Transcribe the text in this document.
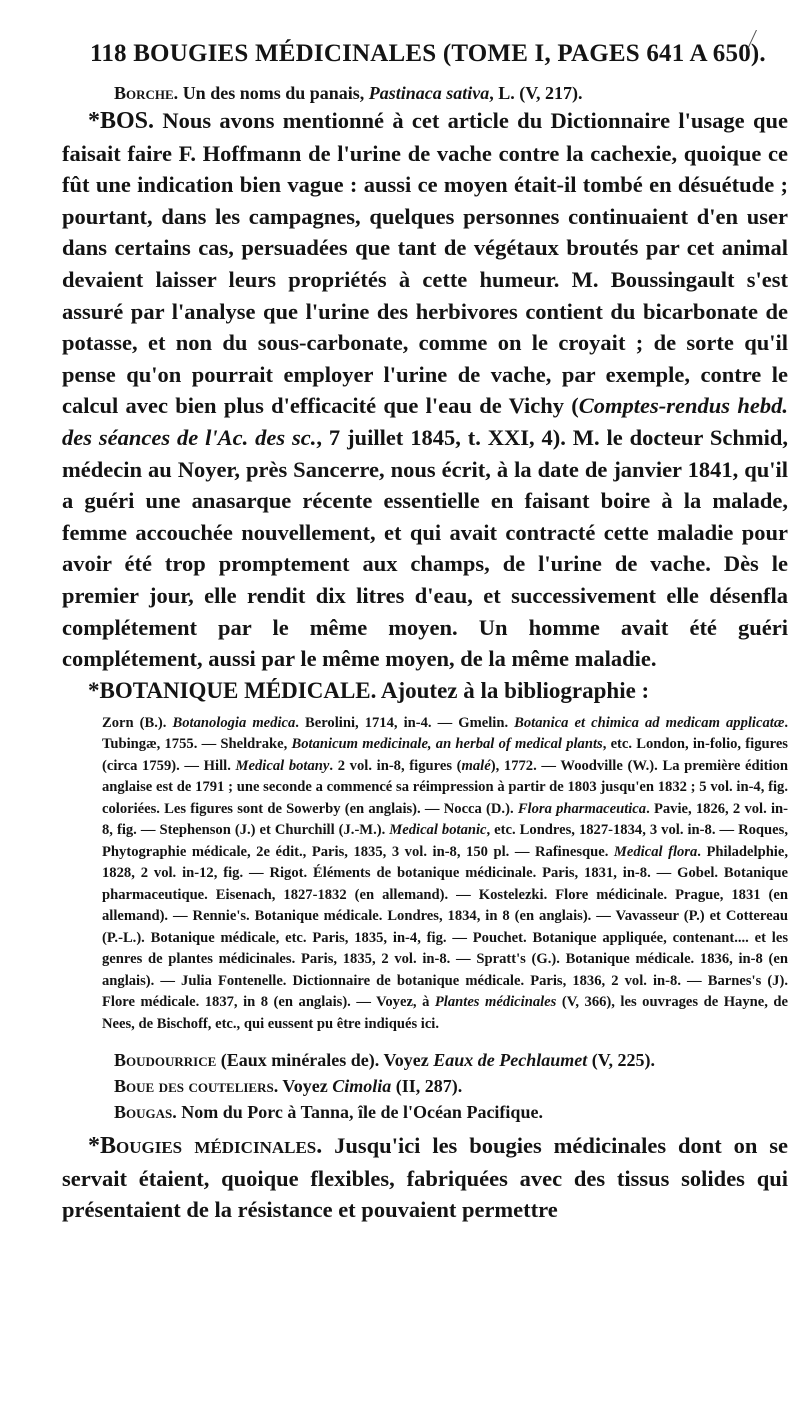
118 BOUGIES MÉDICINALES (TOME I, PAGES 641 A 650).

Borche. Un des noms du panais, Pastinaca sativa, L. (V, 217).

*BOS. Nous avons mentionné à cet article du Dictionnaire l'usage que faisait faire F. Hoffmann de l'urine de vache contre la cachexie, quoique ce fût une indication bien vague : aussi ce moyen était-il tombé en désuétude ; pourtant, dans les campagnes, quelques personnes continuaient d'en user dans certains cas, persuadées que tant de végétaux broutés par cet animal devaient laisser leurs propriétés à cette humeur. M. Boussingault s'est assuré par l'analyse que l'urine des herbivores contient du bicarbonate de potasse, et non du sous-carbonate, comme on le croyait ; de sorte qu'il pense qu'on pourrait employer l'urine de vache, par exemple, contre le calcul avec bien plus d'efficacité que l'eau de Vichy (Comptes-rendus hebd. des séances de l'Ac. des sc., 7 juillet 1845, t. XXI, 4). M. le docteur Schmid, médecin au Noyer, près Sancerre, nous écrit, à la date de janvier 1841, qu'il a guéri une anasarque récente essentielle en faisant boire à la malade, femme accouchée nouvellement, et qui avait contracté cette maladie pour avoir été trop promptement aux champs, de l'urine de vache. Dès le premier jour, elle rendit dix litres d'eau, et successivement elle désenfla complétement par le même moyen. Un homme avait été guéri complétement, aussi par le même moyen, de la même maladie.

*BOTANIQUE MÉDICALE. Ajoutez à la bibliographie :

Zorn (B.). Botanologia medica. Berolini, 1714, in-4. — Gmelin. Botanica et chimica ad medicam applicatæ. Tubingæ, 1755. — Sheldrake, Botanicum medicinale, an herbal of medical plants, etc. London, in-folio, figures (circa 1759). — Hill. Medical botany. 2 vol. in-8, figures (malé), 1772. — Woodville (W.). La première édition anglaise est de 1791 ; une seconde a commencé sa réimpression à partir de 1803 jusqu'en 1832 ; 5 vol. in-4, fig. coloriées. Les figures sont de Sowerby (en anglais). — Nocca (D.). Flora pharmaceutica. Pavie, 1826, 2 vol. in-8, fig. — Stephenson (J.) et Churchill (J.-M.). Medical botanic, etc. Londres, 1827-1834, 3 vol. in-8. — Roques, Phytographie médicale, 2e édit., Paris, 1835, 3 vol. in-8, 150 pl. — Rafinesque. Medical flora. Philadelphie, 1828, 2 vol. in-12, fig. — Rigot. Éléments de botanique médicinale. Paris, 1831, in-8. — Gobel. Botanique pharmaceutique. Eisenach, 1827-1832 (en allemand). — Kostelezki. Flore médicinale. Prague, 1831 (en allemand). — Rennie's. Botanique médicale. Londres, 1834, in 8 (en anglais). — Vavasseur (P.) et Cottereau (P.-L.). Botanique médicale, etc. Paris, 1835, in-4, fig. — Pouchet. Botanique appliquée, contenant.... et les genres de plantes médicinales. Paris, 1835, 2 vol. in-8. — Spratt's (G.). Botanique médicale. 1836, in-8 (en anglais). — Julia Fontenelle. Dictionnaire de botanique médicale. Paris, 1836, 2 vol. in-8. — Barnes's (J). Flore médicale. 1837, in 8 (en anglais). — Voyez, à Plantes médicinales (V, 366), les ouvrages de Hayne, de Nees, de Bischoff, etc., qui eussent pu être indiqués ici.

Boudourrice (Eaux minérales de). Voyez Eaux de Pechlaumet (V, 225).

Boue des couteliers. Voyez Cimolia (II, 287).

Bougas. Nom du Porc à Tanna, île de l'Océan Pacifique.

*Bougies médicinales. Jusqu'ici les bougies médicinales dont on se servait étaient, quoique flexibles, fabriquées avec des tissus solides qui présentaient de la résistance et pouvaient permettre
